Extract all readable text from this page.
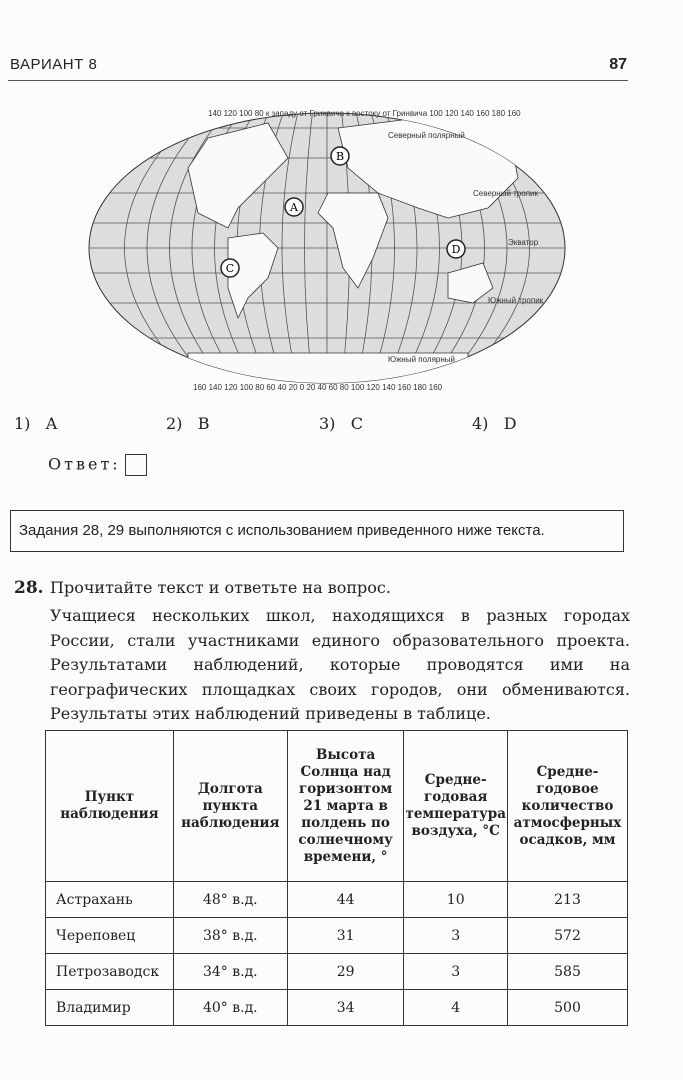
ВАРИАНТ 8	87
140 120 100 80 к западу от Гринвича к востоку от Гринвича 100 120 140 160 180 160
160 140 120 100 80 60 40 20 0 20 40 60 80 100 120 140 160 180 160
Северный тропик
Южный тропик
Экватор
Северный полярный
Южный полярный
A
B
C
D
1) A	2) B	3) C	4) D
Ответ:
Задания 28, 29 выполняются с использованием приведенного ниже текста.
28. Прочитайте текст и ответьте на вопрос.
Учащиеся нескольких школ, находящихся в разных городах России, стали участниками единого образовательного проекта. Результатами наблюдений, которые проводятся ими на географических площадках своих городов, они обмениваются. Результаты этих наблюдений приведены в таблице.
Пункт наблюдения	Долгота пункта наблюдения	Высота Солнца над горизонтом 21 марта в полдень по солнечному времени, °	Средне-годовая температура воздуха, °C	Средне-годовое количество атмосферных осадков, мм
Астрахань	48° в.д.	44	10	213
Череповец	38° в.д.	31	3	572
Петрозаводск	34° в.д.	29	3	585
Владимир	40° в.д.	34	4	500
